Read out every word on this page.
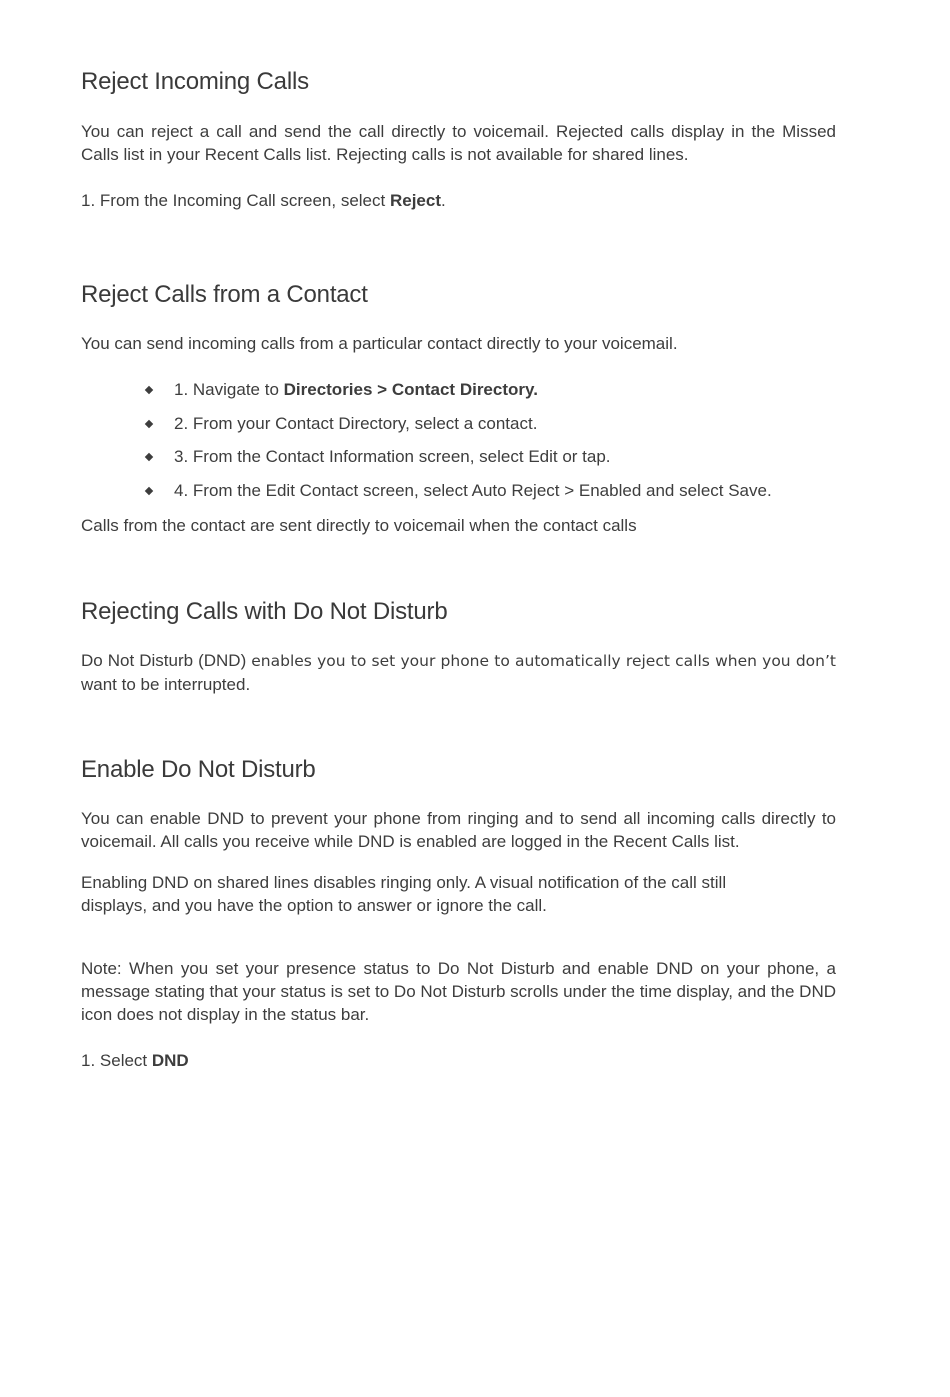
Reject Incoming Calls

You can reject a call and send the call directly to voicemail. Rejected calls display in the Missed Calls list in your Recent Calls list. Rejecting calls is not available for shared lines.

1. From the Incoming Call screen, select Reject.

Reject Calls from a Contact

You can send incoming calls from a particular contact directly to your voicemail.

1. Navigate to Directories > Contact Directory.
2. From your Contact Directory, select a contact.
3. From the Contact Information screen, select Edit or tap.
4. From the Edit Contact screen, select Auto Reject > Enabled and select Save.

Calls from the contact are sent directly to voicemail when the contact calls

Rejecting Calls with Do Not Disturb

Do Not Disturb (DND) enables you to set your phone to automatically reject calls when you don’t want to be interrupted.

Enable Do Not Disturb

You can enable DND to prevent your phone from ringing and to send all incoming calls directly to voicemail. All calls you receive while DND is enabled are logged in the Recent Calls list.

Enabling DND on shared lines disables ringing only. A visual notification of the call still

displays, and you have the option to answer or ignore the call.

Note: When you set your presence status to Do Not Disturb and enable DND on your phone, a message stating that your status is set to Do Not Disturb scrolls under the time display, and the DND icon does not display in the status bar.

1. Select DND
